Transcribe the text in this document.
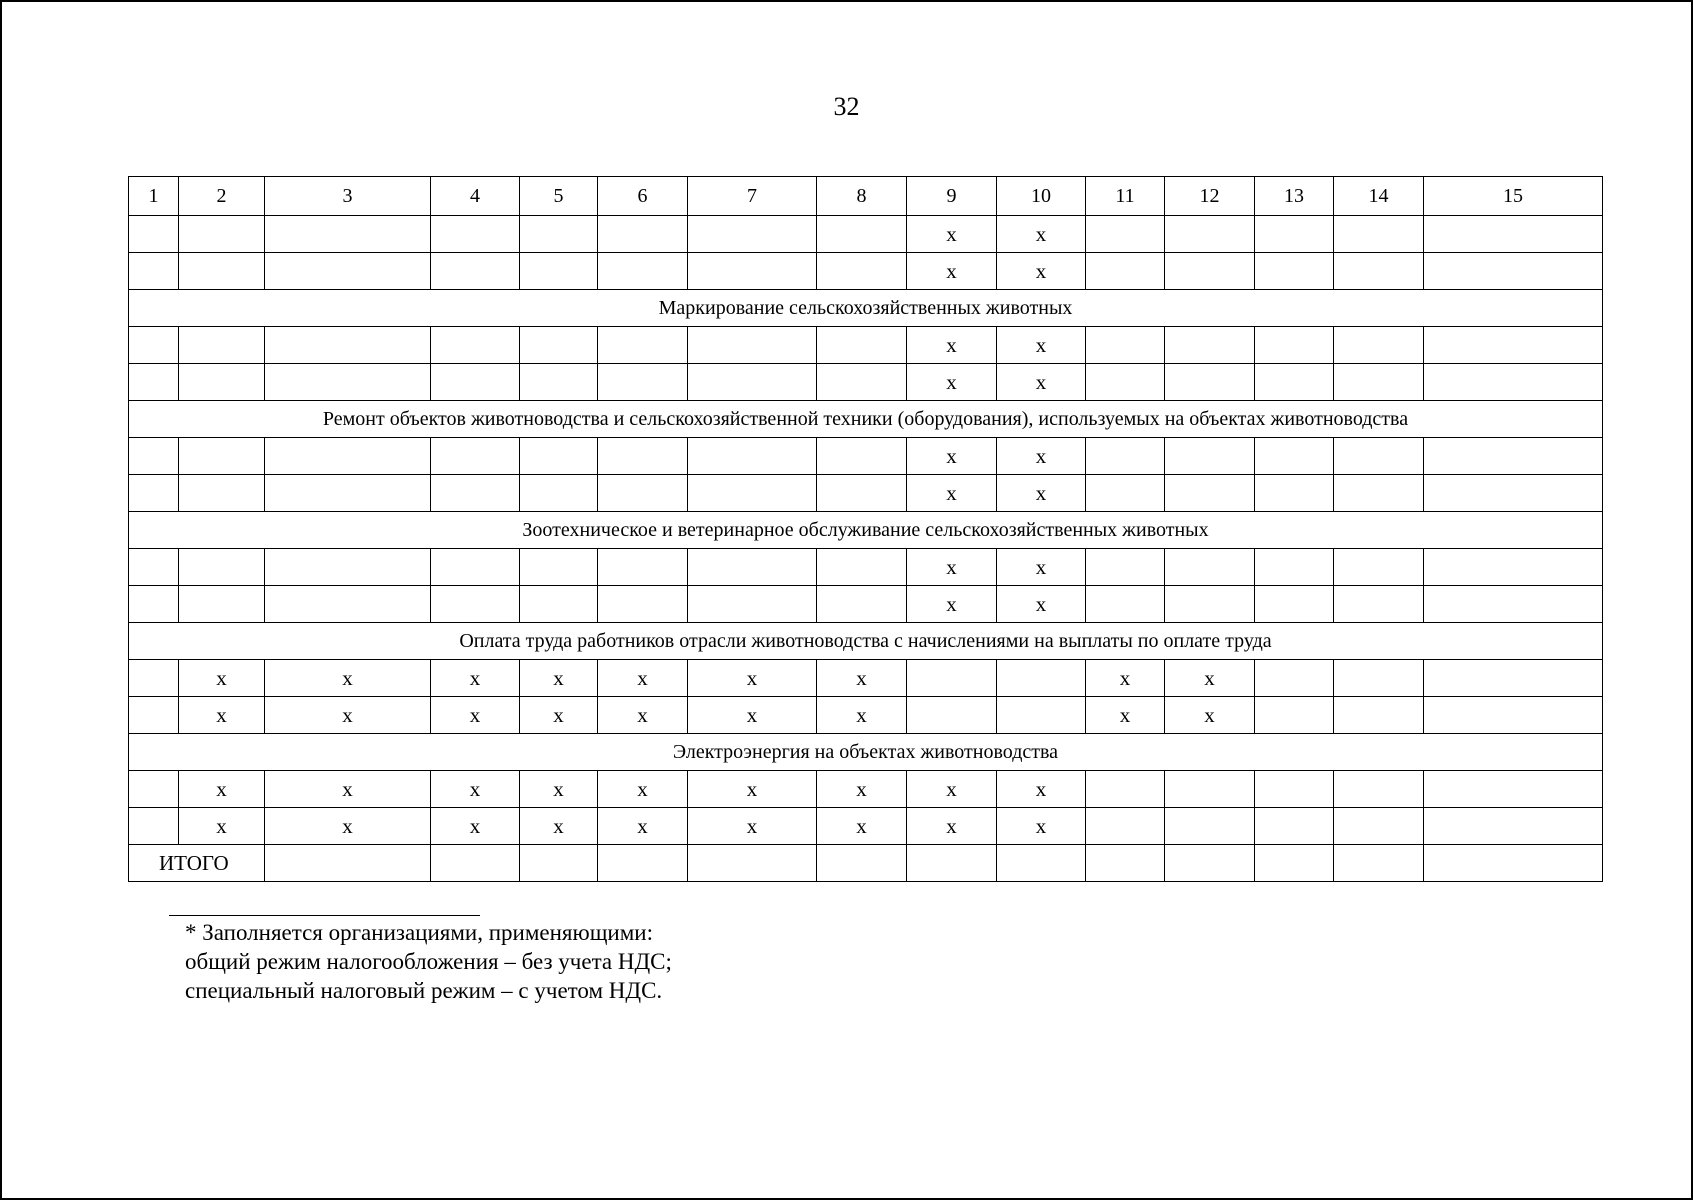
32
1	2	3	4	5	6	7	8	9	10	11	12	13	14	15
								x	x					
								x	x					
Маркирование сельскохозяйственных животных														
								x	x					
								x	x					
Ремонт объектов животноводства и сельскохозяйственной техники (оборудования), используемых на объектах животноводства														
								x	x					
								x	x					
Зоотехническое и ветеринарное обслуживание сельскохозяйственных животных														
								x	x					
								x	x					
Оплата труда работников отрасли животноводства с начислениями на выплаты по оплате труда														
	x	x	x	x	x	x	x			x	x			
	x	x	x	x	x	x	x			x	x			
Электроэнергия на объектах животноводства														
	x	x	x	x	x	x	x	x	x					
	x	x	x	x	x	x	x	x	x					
ИТОГО														
* Заполняется организациями, применяющими:
общий режим налогообложения – без учета НДС;
специальный налоговый режим – с учетом НДС.
